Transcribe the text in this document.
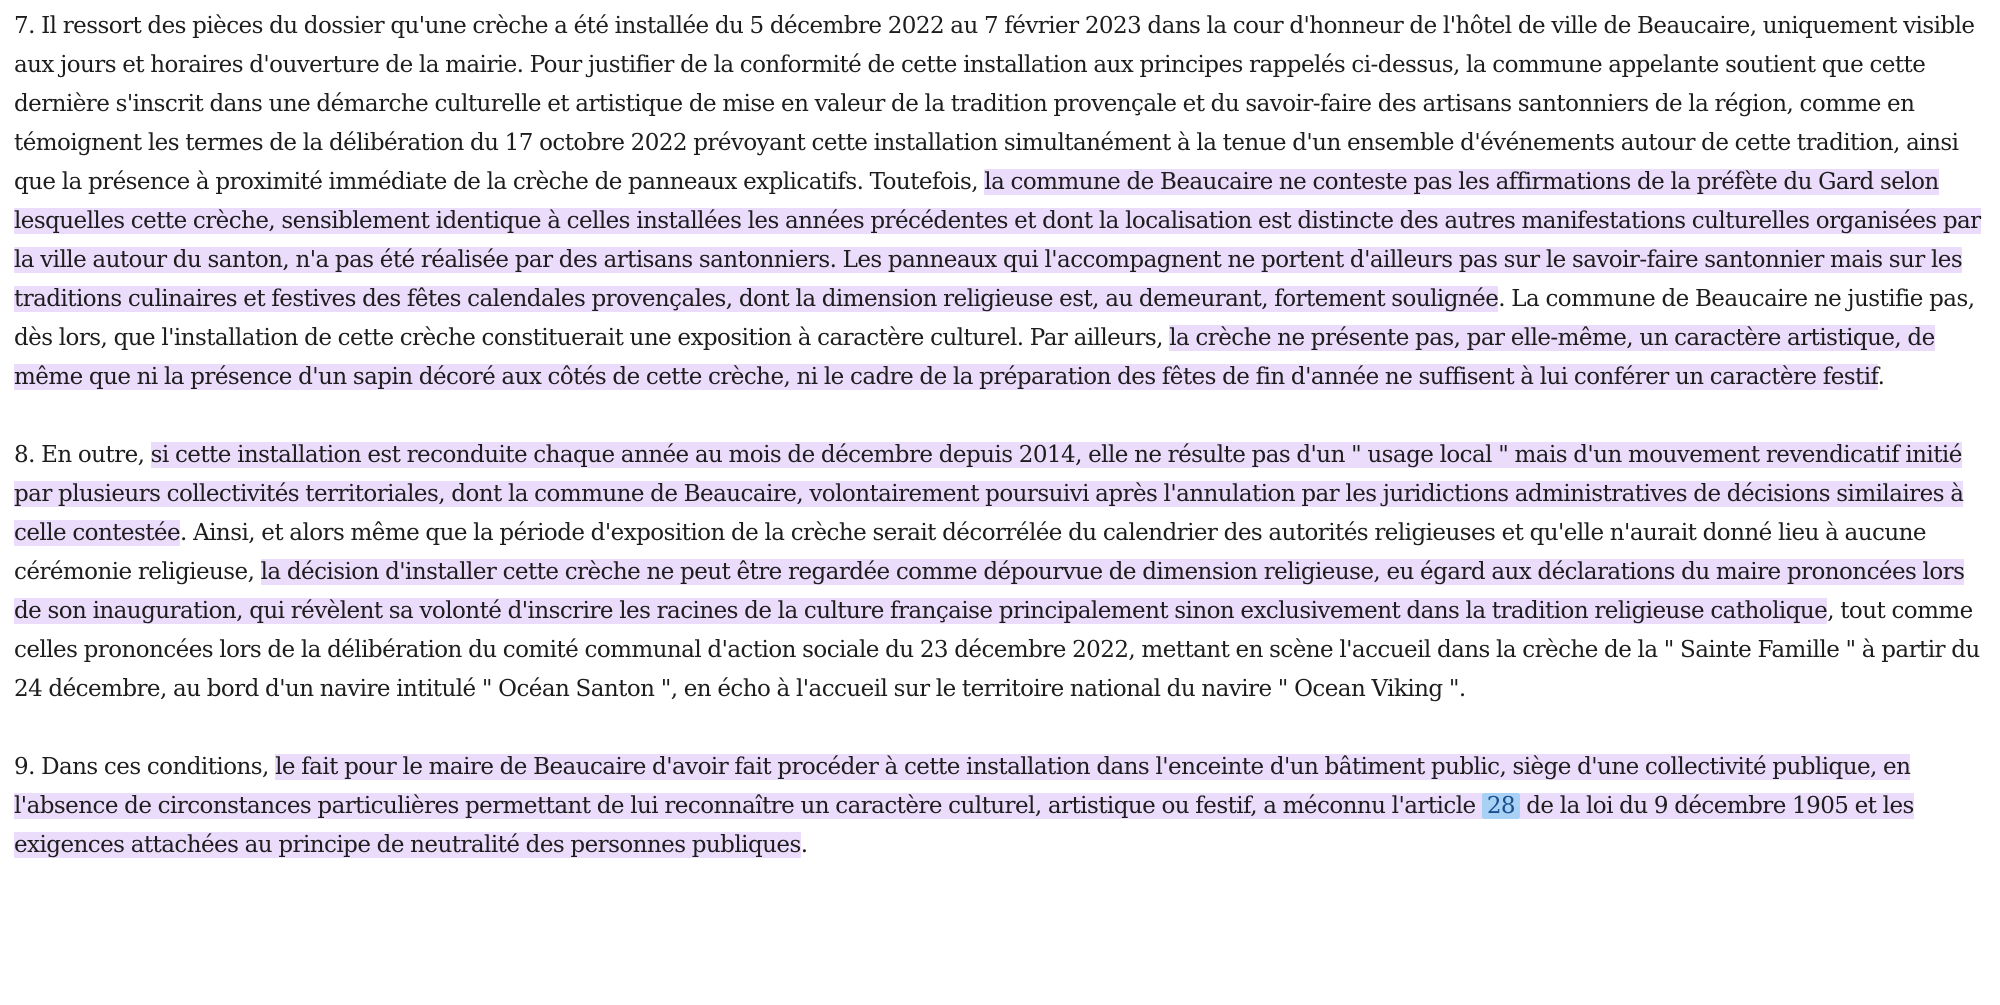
7. Il ressort des pièces du dossier qu'une crèche a été installée du 5 décembre 2022 au 7 février 2023 dans la cour d'honneur de l'hôtel de ville de Beaucaire, uniquement visible aux jours et horaires d'ouverture de la mairie. Pour justifier de la conformité de cette installation aux principes rappelés ci-dessus, la commune appelante soutient que cette dernière s'inscrit dans une démarche culturelle et artistique de mise en valeur de la tradition provençale et du savoir-faire des artisans santonniers de la région, comme en témoignent les termes de la délibération du 17 octobre 2022 prévoyant cette installation simultanément à la tenue d'un ensemble d'événements autour de cette tradition, ainsi que la présence à proximité immédiate de la crèche de panneaux explicatifs. Toutefois, la commune de Beaucaire ne conteste pas les affirmations de la préfète du Gard selon lesquelles cette crèche, sensiblement identique à celles installées les années précédentes et dont la localisation est distincte des autres manifestations culturelles organisées par la ville autour du santon, n'a pas été réalisée par des artisans santonniers. Les panneaux qui l'accompagnent ne portent d'ailleurs pas sur le savoir-faire santonnier mais sur les traditions culinaires et festives des fêtes calendales provençales, dont la dimension religieuse est, au demeurant, fortement soulignée. La commune de Beaucaire ne justifie pas, dès lors, que l'installation de cette crèche constituerait une exposition à caractère culturel. Par ailleurs, la crèche ne présente pas, par elle-même, un caractère artistique, de même que ni la présence d'un sapin décoré aux côtés de cette crèche, ni le cadre de la préparation des fêtes de fin d'année ne suffisent à lui conférer un caractère festif.

8. En outre, si cette installation est reconduite chaque année au mois de décembre depuis 2014, elle ne résulte pas d'un " usage local " mais d'un mouvement revendicatif initié par plusieurs collectivités territoriales, dont la commune de Beaucaire, volontairement poursuivi après l'annulation par les juridictions administratives de décisions similaires à celle contestée. Ainsi, et alors même que la période d'exposition de la crèche serait décorrélée du calendrier des autorités religieuses et qu'elle n'aurait donné lieu à aucune cérémonie religieuse, la décision d'installer cette crèche ne peut être regardée comme dépourvue de dimension religieuse, eu égard aux déclarations du maire prononcées lors de son inauguration, qui révèlent sa volonté d'inscrire les racines de la culture française principalement sinon exclusivement dans la tradition religieuse catholique, tout comme celles prononcées lors de la délibération du comité communal d'action sociale du 23 décembre 2022, mettant en scène l'accueil dans la crèche de la " Sainte Famille " à partir du 24 décembre, au bord d'un navire intitulé " Océan Santon ", en écho à l'accueil sur le territoire national du navire " Ocean Viking ".

9. Dans ces conditions, le fait pour le maire de Beaucaire d'avoir fait procéder à cette installation dans l'enceinte d'un bâtiment public, siège d'une collectivité publique, en l'absence de circonstances particulières permettant de lui reconnaître un caractère culturel, artistique ou festif, a méconnu l'article 28 de la loi du 9 décembre 1905 et les exigences attachées au principe de neutralité des personnes publiques.
